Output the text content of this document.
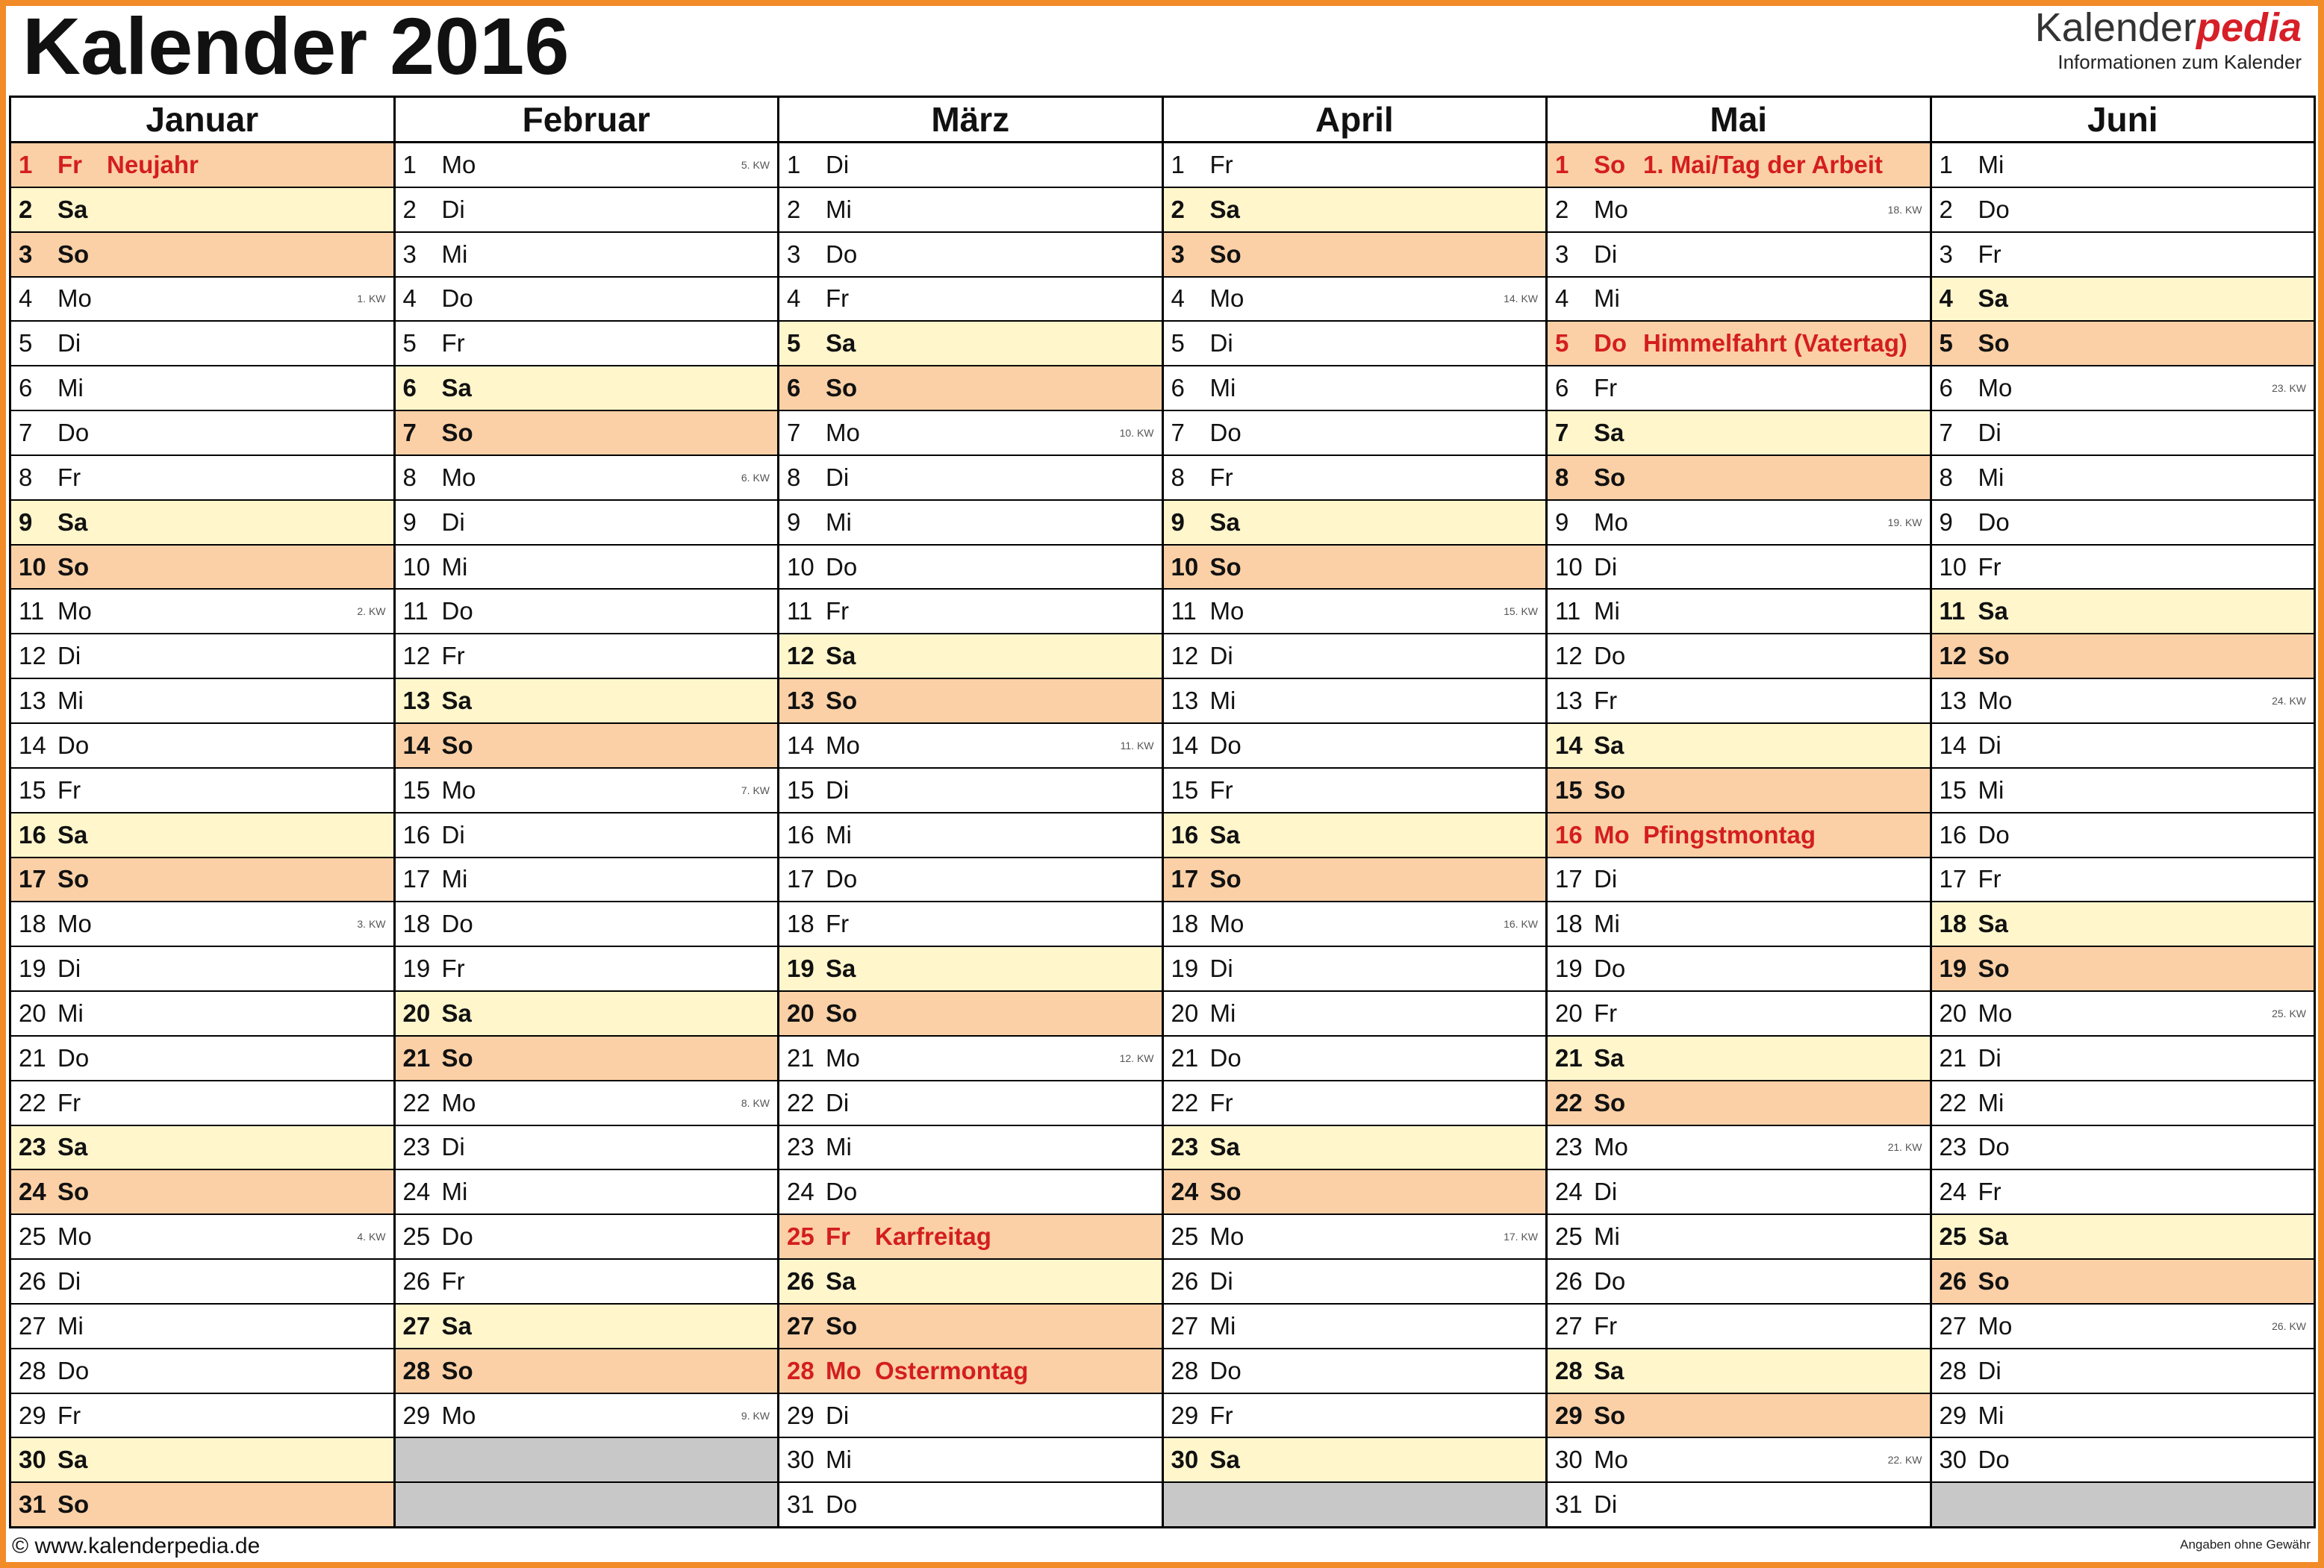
Kalender 2016	Kalenderpedia
Informationen zum Kalender
Januar
1	Fr	Neujahr
2	Sa
3	So
4	Mo	1. KW
5	Di
6	Mi
7	Do
8	Fr
9	Sa
10 So
11 Mo	2. KW
12 Di
13 Mi
14 Do
15 Fr
16 Sa
17 So
18 Mo	3. KW
19 Di
20 Mi
21 Do
22 Fr
23 Sa
24 So
25 Mo	4. KW
26 Di
27 Mi
28 Do
29 Fr
30 Sa
31 So
Februar
1	Mo	5. KW
2	Di
3	Mi
4	Do
5	Fr
6	Sa
7	So
8	Mo	6. KW
9	Di
10 Mi
11 Do
12 Fr
13 Sa
14 So
15 Mo	7. KW
16 Di
17 Mi
18 Do
19 Fr
20 Sa
21 So
22 Mo	8. KW
23 Di
24 Mi
25 Do
26 Fr
27 Sa
28 So
29 Mo	9. KW
März
1	Di
2	Mi
3	Do
4	Fr
5	Sa
6	So
7	Mo	10. KW
8	Di
9	Mi
10 Do
11 Fr
12 Sa
13 So
14 Mo	11. KW
15 Di
16 Mi
17 Do
18 Fr
19 Sa
20 So
21 Mo	12. KW
22 Di
23 Mi
24 Do
25 Fr	Karfreitag
26 Sa
27 So
28 Mo Ostermontag
29 Di
30 Mi
31 Do
April
1	Fr
2	Sa
3	So
4	Mo	14. KW
5	Di
6	Mi
7	Do
8	Fr
9	Sa
10 So
11 Mo	15. KW
12 Di
13 Mi
14 Do
15 Fr
16 Sa
17 So
18 Mo	16. KW
19 Di
20 Mi
21 Do
22 Fr
23 Sa
24 So
25 Mo	17. KW
26 Di
27 Mi
28 Do
29 Fr
30 Sa
Mai
1	So 1. Mai/Tag der Arbeit
2	Mo	18. KW
3	Di
4	Mi
5	Do Himmelfahrt (Vatertag)
6	Fr
7	Sa
8	So
9	Mo	19. KW
10 Di
11 Mi
12 Do
13 Fr
14 Sa
15 So
16 Mo Pfingstmontag
17 Di
18 Mi
19 Do
20 Fr
21 Sa
22 So
23 Mo	21. KW
24 Di
25 Mi
26 Do
27 Fr
28 Sa
29 So
30 Mo	22. KW
31 Di
Juni
1	Mi
2	Do
3	Fr
4	Sa
5	So
6	Mo	23. KW
7	Di
8	Mi
9	Do
10 Fr
11 Sa
12 So
13 Mo	24. KW
14 Di
15 Mi
16 Do
17 Fr
18 Sa
19 So
20 Mo	25. KW
21 Di
22 Mi
23 Do
24 Fr
25 Sa
26 So
27 Mo	26. KW
28 Di
29 Mi
30 Do
© www.kalenderpedia.de	Angaben ohne Gewähr
